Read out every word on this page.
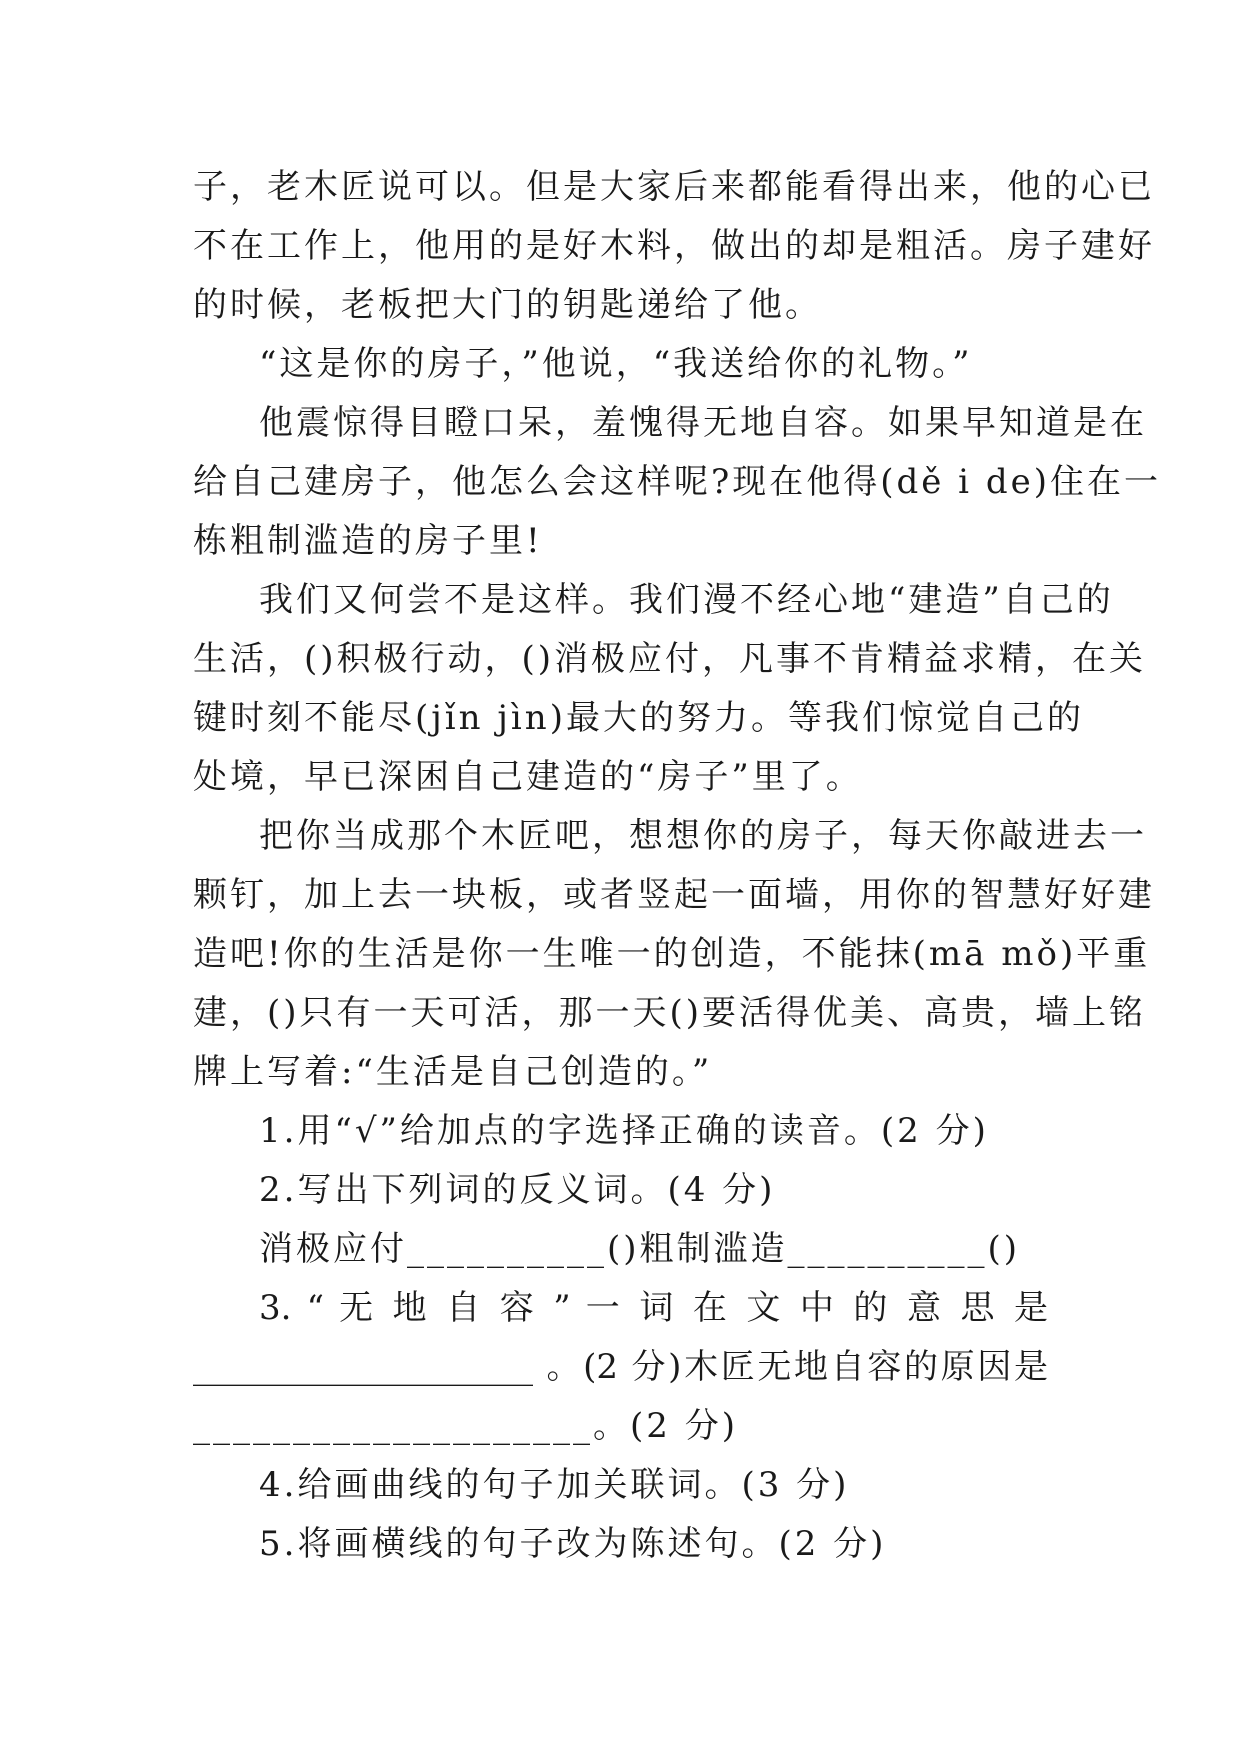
子，老木匠说可以。但是大家后来都能看得出来，他的心已
不在工作上，他用的是好木料，做出的却是粗活。房子建好
的时候，老板把大门的钥匙递给了他。
“这是你的房子，”他说，“我送给你的礼物。”
他震惊得目瞪口呆，羞愧得无地自容。如果早知道是在
给自己建房子，他怎么会这样呢?现在他得(dě i de)住在一
栋粗制滥造的房子里!
我们又何尝不是这样。我们漫不经心地“建造”自己的
生活，()积极行动，()消极应付，凡事不肯精益求精，在关
键时刻不能尽(jǐn jìn)最大的努力。等我们惊觉自己的
处境，早已深困自己建造的“房子”里了。
把你当成那个木匠吧，想想你的房子，每天你敲进去一
颗钉，加上去一块板，或者竖起一面墙，用你的智慧好好建
造吧!你的生活是你一生唯一的创造，不能抹(mā mǒ)平重
建，()只有一天可活，那一天()要活得优美、高贵，墙上铭
牌上写着:“生活是自己创造的。”
1.用“√”给加点的字选择正确的读音。(2 分)
2.写出下列词的反义词。(4 分)
消极应付__________()粗制滥造__________()
3. “ 无 地 自 容 ” 一 词 在 文 中 的 意 思 是
____________________ 。(2 分)木匠无地自容的原因是
____________________。(2 分)
4.给画曲线的句子加关联词。(3 分)
5.将画横线的句子改为陈述句。(2 分)
